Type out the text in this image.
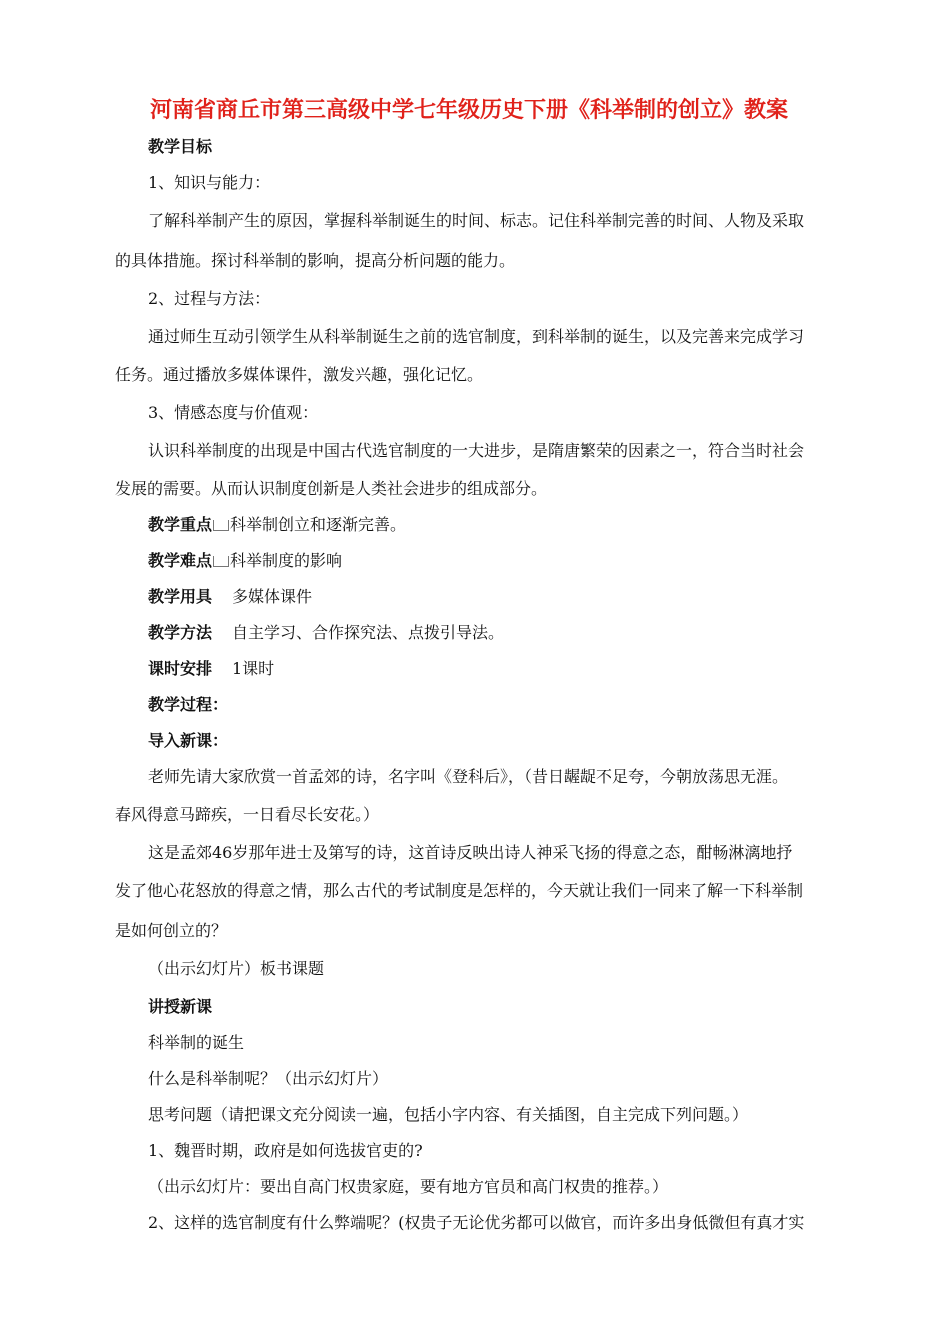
河南省商丘市第三高级中学七年级历史下册《科举制的创立》教案
教学目标
1、知识与能力：
了解科举制产生的原因，掌握科举制诞生的时间、标志。记住科举制完善的时间、人物及采取
的具体措施。探讨科举制的影响，提高分析问题的能力。
2、过程与方法：
通过师生互动引领学生从科举制诞生之前的选官制度，到科举制的诞生，以及完善来完成学习
任务。通过播放多媒体课件，激发兴趣，强化记忆。
3、情感态度与价值观：
认识科举制度的出现是中国古代选官制度的一大进步，是隋唐繁荣的因素之一，符合当时社会
发展的需要。从而认识制度创新是人类社会进步的组成部分。
教学重点 科举制创立和逐渐完善。
教学难点 科举制度的影响
教学用具 多媒体课件
教学方法 自主学习、合作探究法、点拨引导法。
课时安排 1课时
教学过程：
导入新课：
老师先请大家欣赏一首孟郊的诗，名字叫《登科后》，（昔日龌龊不足夸，今朝放荡思无涯。
春风得意马蹄疾，一日看尽长安花。）
这是孟郊46岁那年进士及第写的诗，这首诗反映出诗人神采飞扬的得意之态，酣畅淋漓地抒
发了他心花怒放的得意之情，那么古代的考试制度是怎样的，今天就让我们一同来了解一下科举制
是如何创立的？
（出示幻灯片）板书课题
讲授新课
科举制的诞生
什么是科举制呢？（出示幻灯片）
思考问题（请把课文充分阅读一遍，包括小字内容、有关插图，自主完成下列问题。）
1、魏晋时期，政府是如何选拔官吏的?
（出示幻灯片：要出自高门权贵家庭，要有地方官员和高门权贵的推荐。）
2、这样的选官制度有什么弊端呢？(权贵子无论优劣都可以做官，而许多出身低微但有真才实
